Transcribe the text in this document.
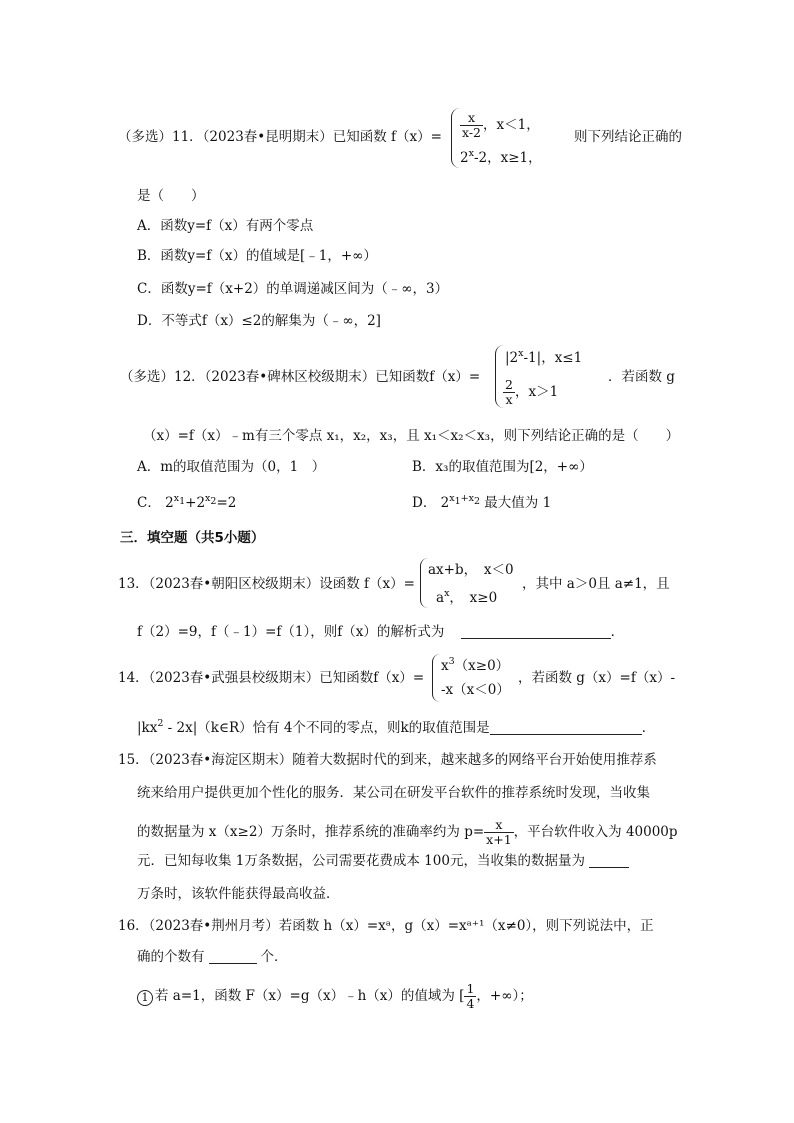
（多选）11．（2023春•昆明期末）已知函数 $f(x)= \frac{x}{x-2}$ ，x＜1，
2$^x$-2，x≥1，
则下列结论正确的
是（　　）
A．函数y=f（x）有两个零点
B．函数y=f（x）的值域是[﹣1，+∞）
C．函数y=f（x+2）的单调递减区间为（﹣∞，3）
D．不等式f（x）≤2的解集为（﹣∞，2]
（多选）12．（2023春•碑林区校级期末）已知函数f（x）=
$|2^x-1|$，x≤1
$\frac{2}{x}$ ，x＞1
．若函数 g
（x）=f（x）﹣m有三个零点 x₁，x₂，x₃，且 x₁＜x₂＜x₃，则下列结论正确的是（　　）
A．m的取值范围为（0，1　）	B．x₃的取值范围为[2，+∞）
C． $2^{x_1}+2^{x_2}=2$	D． $2^{x_1+x_2}$ 最大值为 1
三．填空题（共5小题）
13．（2023春•朝阳区校级期末）设函数 f（x）=
ax+b，　x＜0
$a^x$，　x≥0
，其中 a＞0且 a≠1，且
f（2）=9，f（﹣1）=f（1），则f（x）的解析式为	．
14．（2023春•武强县校级期末）已知函数f（x）=
$x^3(x\ge 0)$
-x（x＜0）
，若函数 g（x）=f（x）-
$|kx^2$ - 2x|（k∈R）恰有 4个不同的零点，则k的取值范围是	．
15．（2023春•海淀区期末）随着大数据时代的到来，越来越多的网络平台开始使用推荐系
统来给用户提供更加个性化的服务．某公司在研发平台软件的推荐系统时发现，当收集
的数据量为 x（x≥2）万条时，推荐系统的准确率约为 $p= \frac{x}{x+1}$ ，平台软件收入为 40000p
元．已知每收集 1万条数据，公司需要花费成本 100元，当收集的数据量为
万条时，该软件能获得最高收益．
16．（2023春•荆州月考）若函数 h（x）=xᵃ，g（x）=xᵃ⁺¹（x≠0），则下列说法中，正
确的个数有	个．
1 若 a=1，函数 F（x）=g（x）﹣h（x）的值域为 [ $\frac{1}{4}$ ，+∞）；
